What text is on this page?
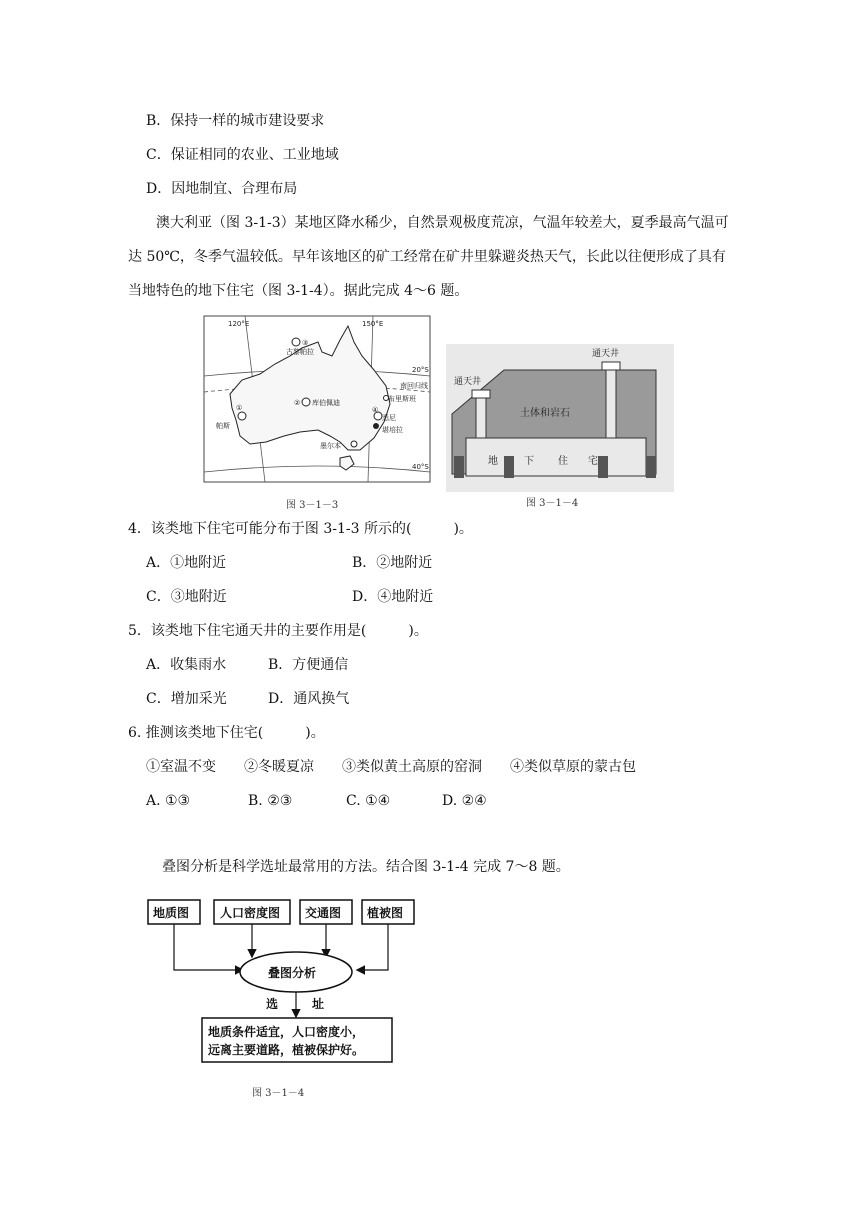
B．保持一样的城市建设要求
C．保证相同的农业、工业地域
D．因地制宜、合理布局
澳大利亚（图 3-1-3）某地区降水稀少，自然景观极度荒凉，气温年较差大，夏季最高气温可达 50℃，冬季气温较低。早年该地区的矿工经常在矿井里躲避炎热天气，长此以往便形成了具有当地特色的地下住宅（图 3-1-4）。据此完成 4～6 题。
120°E	150°E
20°S
40°S
南回归线
③
古黎帕拉
② 库伯佩迪
①
帕斯
④
悉尼
布里斯班
堪培拉
墨尔本
图 3－1－3
通天井
通天井
土体和岩石
地	下 住 宅
图 3－1－4
4．该类地下住宅可能分布于图 3-1-3 所示的(　　　)。
A．①地附近	B．②地附近
C．③地附近	D．④地附近
5．该类地下住宅通天井的主要作用是(　　　)。
A．收集雨水	B．方便通信
C．增加采光	D．通风换气
6. 推测该类地下住宅(　　　)。
①室温不变　　②冬暖夏凉　　③类似黄土高原的窑洞　　④类似草原的蒙古包
A. ①③	B. ②③	C. ①④	D. ②④
叠图分析是科学选址最常用的方法。结合图 3-1-4 完成 7～8 题。
地质图	人口密度图 交通图 植被图
叠图分析
选	址
地质条件适宜，人口密度小，
远离主要道路，植被保护好。
图 3－1－4
